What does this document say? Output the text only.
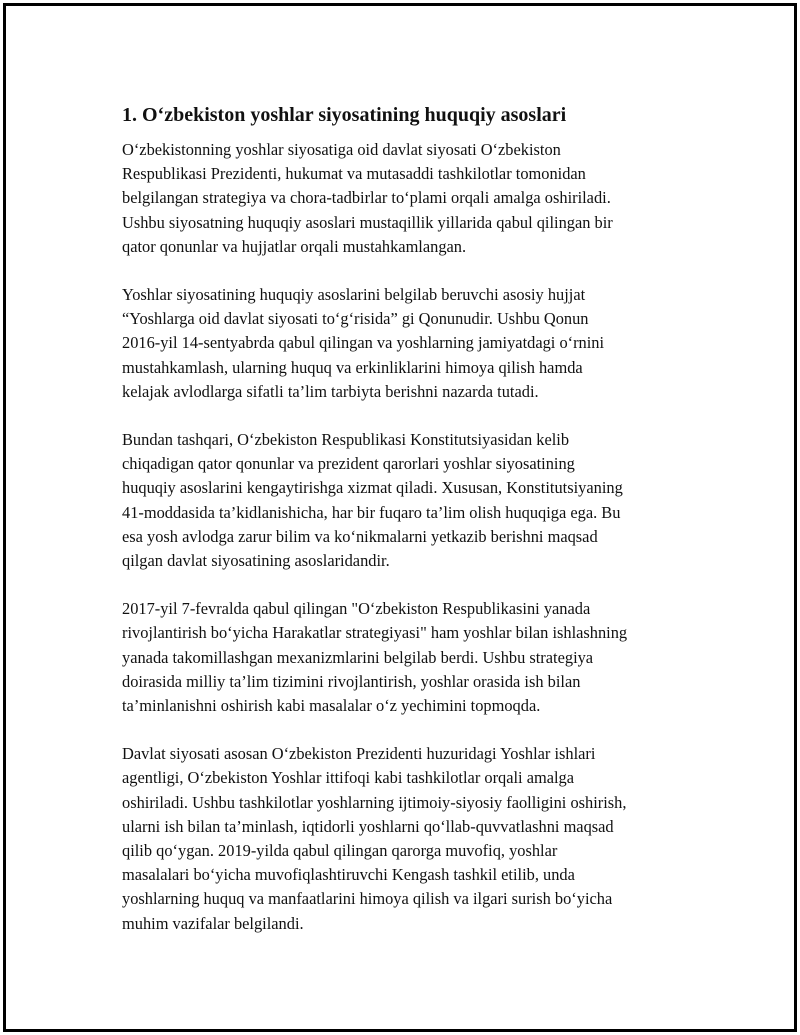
1. O‘zbekiston yoshlar siyosatining huquqiy asoslari

O‘zbekistonning yoshlar siyosatiga oid davlat siyosati O‘zbekiston
Respublikasi Prezidenti, hukumat va mutasaddi tashkilotlar tomonidan
belgilangan strategiya va chora-tadbirlar to‘plami orqali amalga oshiriladi.
Ushbu siyosatning huquqiy asoslari mustaqillik yillarida qabul qilingan bir
qator qonunlar va hujjatlar orqali mustahkamlangan.

Yoshlar siyosatining huquqiy asoslarini belgilab beruvchi asosiy hujjat
“Yoshlarga oid davlat siyosati to‘g‘risida” gi Qonunudir. Ushbu Qonun
2016-yil 14-sentyabrda qabul qilingan va yoshlarning jamiyatdagi o‘rnini
mustahkamlash, ularning huquq va erkinliklarini himoya qilish hamda
kelajak avlodlarga sifatli ta’lim tarbiyta berishni nazarda tutadi.

Bundan tashqari, O‘zbekiston Respublikasi Konstitutsiyasidan kelib
chiqadigan qator qonunlar va prezident qarorlari yoshlar siyosatining
huquqiy asoslarini kengaytirishga xizmat qiladi. Xususan, Konstitutsiyaning
41-moddasida ta’kidlanishicha, har bir fuqaro ta’lim olish huquqiga ega. Bu
esa yosh avlodga zarur bilim va ko‘nikmalarni yetkazib berishni maqsad
qilgan davlat siyosatining asoslaridandir.

2017-yil 7-fevralda qabul qilingan "O‘zbekiston Respublikasini yanada
rivojlantirish bo‘yicha Harakatlar strategiyasi" ham yoshlar bilan ishlashning
yanada takomillashgan mexanizmlarini belgilab berdi. Ushbu strategiya
doirasida milliy ta’lim tizimini rivojlantirish, yoshlar orasida ish bilan
ta’minlanishni oshirish kabi masalalar o‘z yechimini topmoqda.

Davlat siyosati asosan O‘zbekiston Prezidenti huzuridagi Yoshlar ishlari
agentligi, O‘zbekiston Yoshlar ittifoqi kabi tashkilotlar orqali amalga
oshiriladi. Ushbu tashkilotlar yoshlarning ijtimoiy-siyosiy faolligini oshirish,
ularni ish bilan ta’minlash, iqtidorli yoshlarni qo‘llab-quvvatlashni maqsad
qilib qo‘ygan. 2019-yilda qabul qilingan qarorga muvofiq, yoshlar
masalalari bo‘yicha muvofiqlashtiruvchi Kengash tashkil etilib, unda
yoshlarning huquq va manfaatlarini himoya qilish va ilgari surish bo‘yicha
muhim vazifalar belgilandi.
